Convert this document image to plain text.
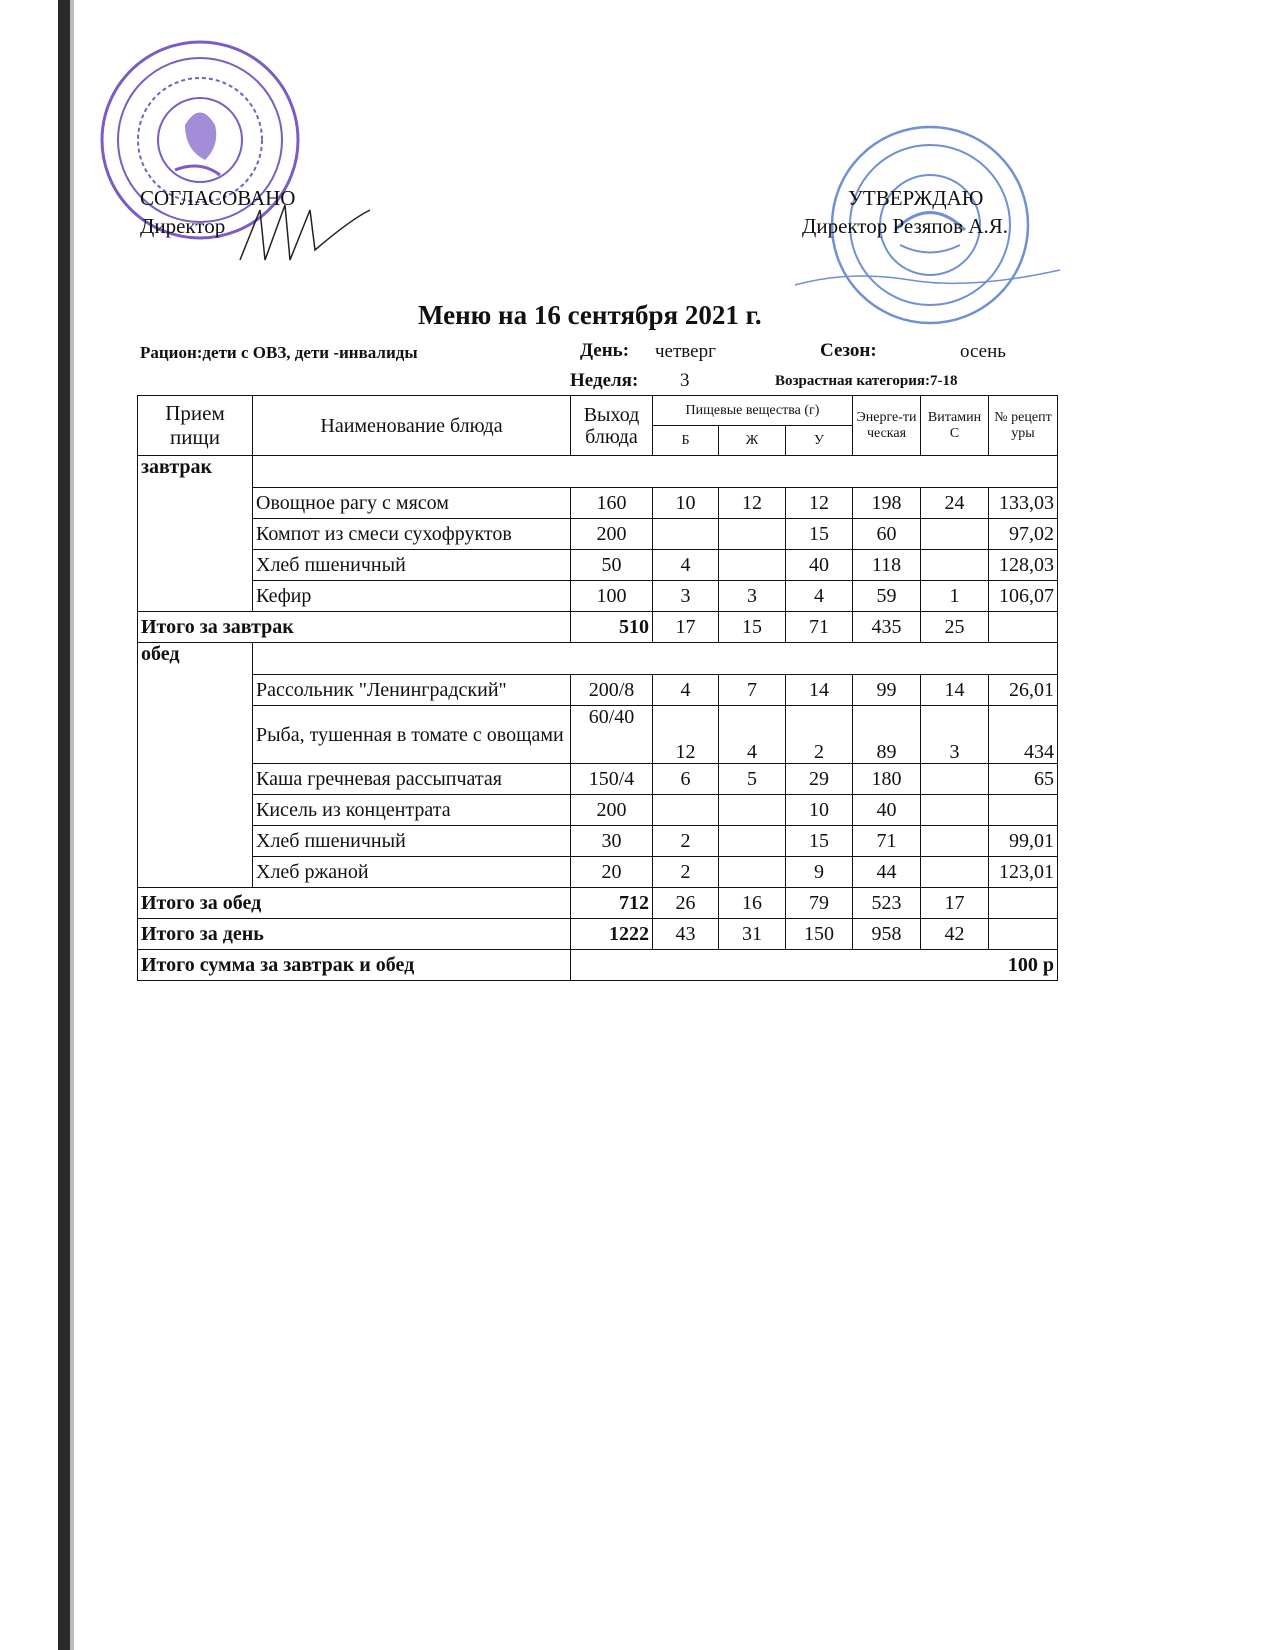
СОГЛАСОВАНО
Директор
УТВЕРЖДАЮ
Директор Резяпов А.Я.
Меню на 16 сентября 2021 г.
Рацион:дети с ОВЗ, дети -инвалиды	День: четверг	Сезон:	осень
Неделя: 3	Возрастная категория:7-18
Прием пищи	Наименование блюда	Выход блюда	Пищевые вещества (г)			Энерге-тическая	Витамин С	№ рецептуры
			Б	Ж	У			
завтрак								
	Овощное рагу с мясом	160	10	12	12	198	24	133,03
	Компот из смеси сухофруктов	200			15	60		97,02
	Хлеб пшеничный	50	4		40	118		128,03
	Кефир	100	3	3	4	59	1	106,07
Итого за завтрак		510	17	15	71	435	25	
обед								
	Рассольник "Ленинградский"	200/8	4	7	14	99	14	26,01
	Рыба, тушенная в томате с овощами	60/40	12	4	2	89	3	434
	Каша гречневая рассыпчатая	150/4	6	5	29	180		65
	Кисель из концентрата	200			10	40		
	Хлеб пшеничный	30	2		15	71		99,01
	Хлеб ржаной	20	2		9	44		123,01
Итого за обед		712	26	16	79	523	17	
Итого за день		1222	43	31	150	958	42	
Итого сумма за завтрак и обед		100 р						
